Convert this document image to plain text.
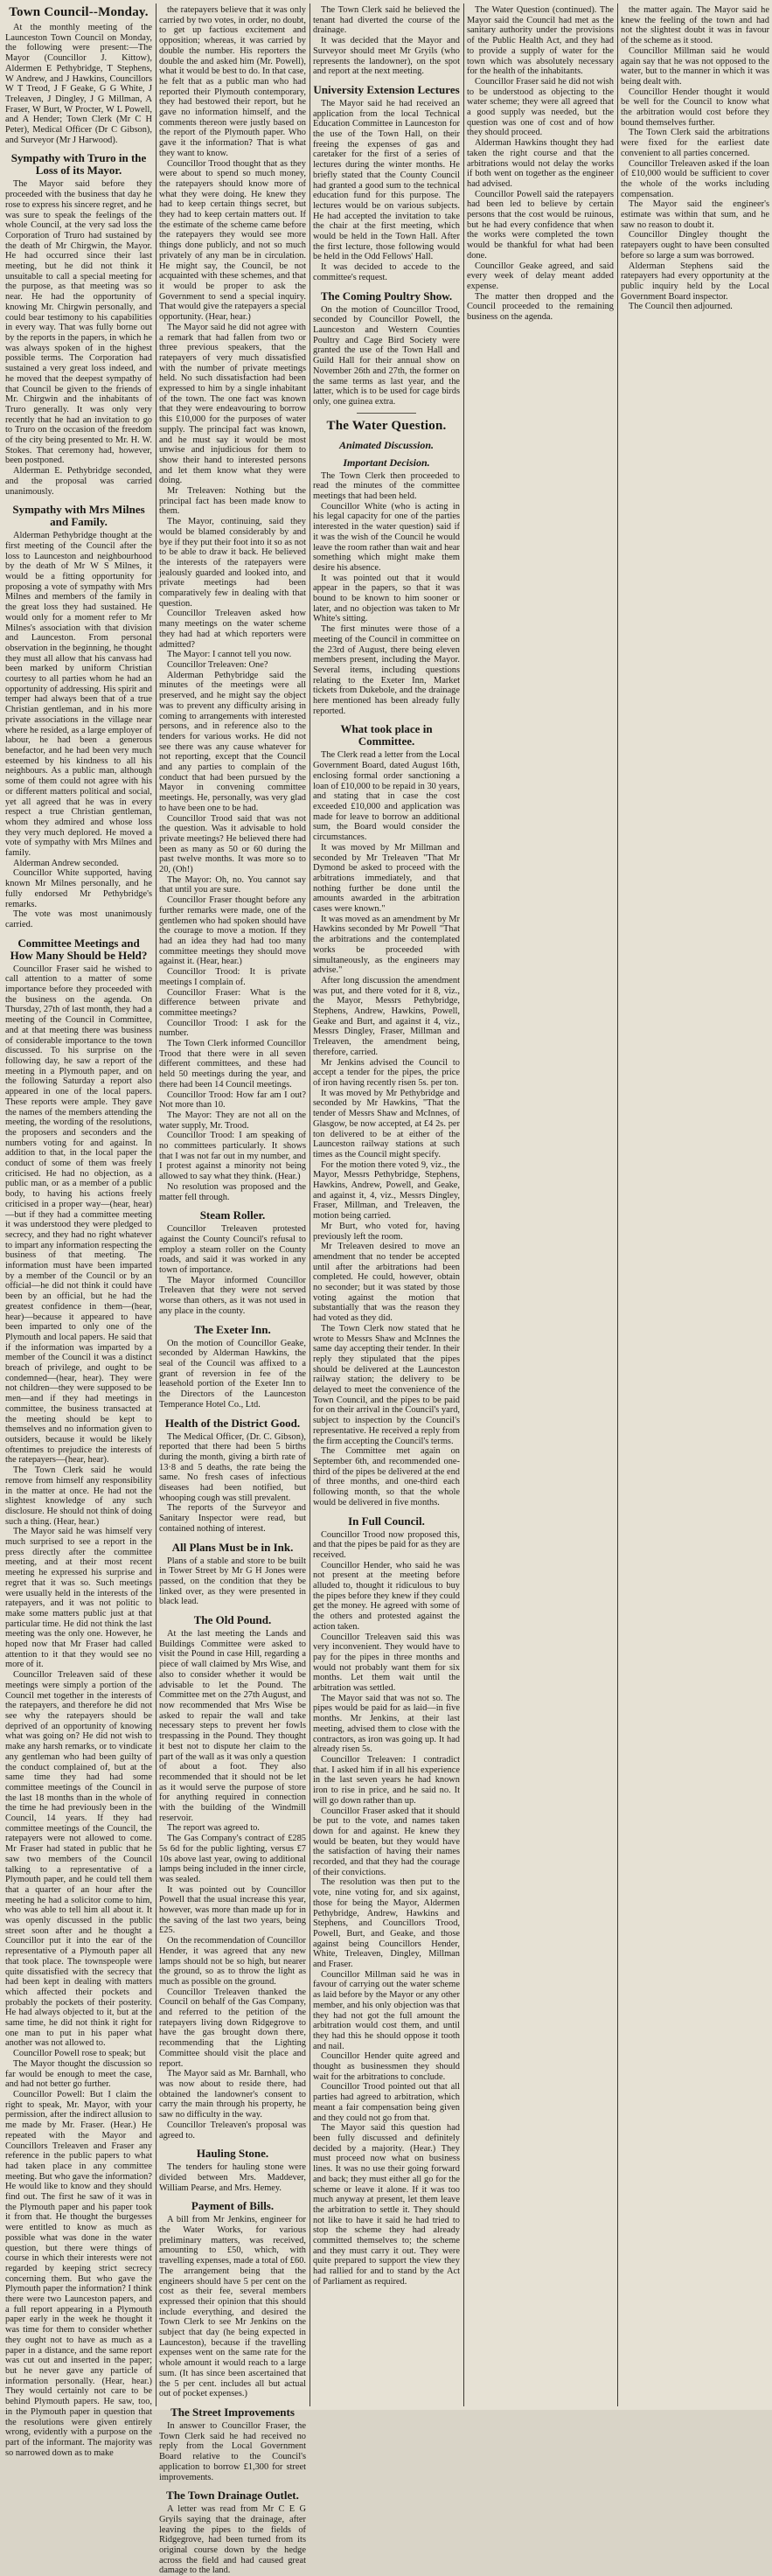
Town Council--Monday.

At the monthly meeting of the Launceston Town Council on Monday, the following were present:—The Mayor (Councillor J. Kittow), Aldermen E Pethybridge, T Stephens, W Andrew, and J Hawkins, Councillors W T Treod, J F Geake, G G White, J Treleaven, J Dingley, J G Millman, A Fraser, W Burt, W Procter, W L Powell, and A Hender; Town Clerk (Mr C H Peter), Medical Officer (Dr C Gibson), and Surveyor (Mr J Harwood).

Sympathy with Truro in the Loss of its Mayor.

The Mayor said before they proceeded with the business that day he rose to express his sincere regret, and he was sure to speak the feelings of the whole Council, at the very sad loss the Corporation of Truro had sustained by the death of Mr Chirgwin, the Mayor. He had occurred since their last meeting, but he did not think it unsuitable to call a special meeting for the purpose, as that meeting was so near. He had the opportunity of knowing Mr. Chirgwin personally, and could bear testimony to his capabilities in every way. That was fully borne out by the reports in the papers, in which he was always spoken of in the highest possible terms. The Corporation had sustained a very great loss indeed, and he moved that the deepest sympathy of that Council be given to the friends of Mr. Chirgwin and the inhabitants of Truro generally. It was only very recently that he had an invitation to go to Truro on the occasion of the freedom of the city being presented to Mr. H. W. Stokes. That ceremony had, however, been postponed.

Alderman E. Pethybridge seconded, and the proposal was carried unanimously.

Sympathy with Mrs Milnes and Family.

Alderman Pethybridge thought at the first meeting of the Council after the loss to Launceston and neighbourhood by the death of Mr W S Milnes, it would be a fitting opportunity for proposing a vote of sympathy with Mrs Milnes and members of the family in the great loss they had sustained. He would only for a moment refer to Mr Milnes's association with that division and Launceston. From personal observation in the beginning, he thought they must all allow that his canvass had been marked by uniform Christian courtesy to all parties whom he had an opportunity of addressing. His spirit and temper had always been that of a true Christian gentleman, and in his more private associations in the village near where he resided, as a large employer of labour, he had been a generous benefactor, and he had been very much esteemed by his kindness to all his neighbours. As a public man, although some of them could not agree with his or different matters political and social, yet all agreed that he was in every respect a true Christian gentleman, whom they admired and whose loss they very much deplored. He moved a vote of sympathy with Mrs Milnes and family.

Alderman Andrew seconded.

Councillor White supported, having known Mr Milnes personally, and he fully endorsed Mr Pethybridge's remarks.

The vote was most unanimously carried.

Committee Meetings and How Many Should be Held?

Councillor Fraser said he wished to call attention to a matter of some importance before they proceeded with the business on the agenda. On Thursday, 27th of last month, they had a meeting of the Council in Committee, and at that meeting there was business of considerable importance to the town discussed. To his surprise on the following day, he saw a report of the meeting in a Plymouth paper, and on the following Saturday a report also appeared in one of the local papers. These reports were ample. They gave the names of the members attending the meeting, the wording of the resolutions, the proposers and seconders and the numbers voting for and against. In addition to that, in the local paper the conduct of some of them was freely criticised. He had no objection, as a public man, or as a member of a public body, to having his actions freely criticised in a proper way—(hear, hear)—but if they had a committee meeting it was understood they were pledged to secrecy, and they had no right whatever to impart any information respecting the business of that meeting. The information must have been imparted by a member of the Council or by an official—he did not think it could have been by an official, but he had the greatest confidence in them—(hear, hear)—because it appeared to have been imparted to only one of the Plymouth and local papers. He said that if the information was imparted by a member of the Council it was a distinct breach of privilege, and ought to be condemned—(hear, hear). They were not children—they were supposed to be men—and if they had meetings in committee, the business transacted at the meeting should be kept to themselves and no information given to outsiders, because it would be likely oftentimes to prejudice the interests of the ratepayers—(hear, hear).

The Town Clerk said he would remove from himself any responsibility in the matter at once. He had not the slightest knowledge of any such disclosure. He should not think of doing such a thing. (Hear, hear.)

The Mayor said he was himself very much surprised to see a report in the press directly after the committee meeting, and at their most recent meeting he expressed his surprise and regret that it was so. Such meetings were usually held in the interests of the ratepayers, and it was not politic to make some matters public just at that particular time. He did not think the last meeting was the only one. However, he hoped now that Mr Fraser had called attention to it that they would see no more of it.

Councillor Treleaven said of these meetings were simply a portion of the Council met together in the interests of the ratepayers, and therefore he did not see why the ratepayers should be deprived of an opportunity of knowing what was going on? He did not wish to make any harsh remarks, or to vindicate any gentleman who had been guilty of the conduct complained of, but at the same time they had had some committee meetings of the Council in the last 18 months than in the whole of the time he had previously been in the Council, 14 years. If they had committee meetings of the Council, the ratepayers were not allowed to come. Mr Fraser had stated in public that he saw two members of the Council talking to a representative of a Plymouth paper, and he could tell them that a quarter of an hour after the meeting he had a solicitor come to him, who was able to tell him all about it. It was openly discussed in the public street soon after and he thought a Councillor put it into the ear of the representative of a Plymouth paper all that took place. The townspeople were quite dissatisfied with the secrecy that had been kept in dealing with matters which affected their pockets and probably the pockets of their posterity. He had always objected to it, but at the same time, he did not think it right for one man to put in his paper what another was not allowed to.

Councillor Powell rose to speak; but

The Mayor thought the discussion so far would be enough to meet the case, and had not better go further.

Councillor Powell: But I claim the right to speak, Mr. Mayor, with your permission, after the indirect allusion to me made by Mr. Fraser. (Hear.) He repeated with the Mayor and Councillors Treleaven and Fraser any reference in the public papers to what had taken place in any committee meeting. But who gave the information? He would like to know and they should find out. The first he saw of it was in the Plymouth paper and his paper took it from that. He thought the burgesses were entitled to know as much as possible what was done in the water question, but there were things of course in which their interests were not regarded by keeping strict secrecy concerning them. But who gave the Plymouth paper the information? I think there were two Launceston papers, and a full report appearing in a Plymouth paper early in the week he thought it was time for them to consider whether they ought not to have as much as a paper in a distance, and the same report was cut out and inserted in the paper; but he never gave any particle of information personally. (Hear, hear.) They would certainly not care to be behind Plymouth papers. He saw, too, in the Plymouth paper in question that the resolutions were given entirely wrong, evidently with a purpose on the part of the informant. The majority was so narrowed down as to make

the ratepayers believe that it was only carried by two votes, in order, no doubt, to get up factious excitement and opposition; whereas, it was carried by double the number. His reporters the double the and asked him (Mr. Powell), what it would be best to do. In that case, he felt that as a public man who had reported their Plymouth contemporary, they had bestowed their report, but he gave no information himself, and the comments thereon were justly based on the report of the Plymouth paper. Who gave it the information? That is what they want to know.

Councillor Trood thought that as they were about to spend so much money, the ratepayers should know more of what they were doing. He knew they had to keep certain things secret, but they had to keep certain matters out. If the estimate of the scheme came before the ratepayers they would see more things done publicly, and not so much privately of any man be in circulation. He might say, the Council, be not acquainted with these schemes, and that it would be proper to ask the Government to send a special inquiry. That would give the ratepayers a special opportunity. (Hear, hear.)

The Mayor said he did not agree with a remark that had fallen from two or three previous speakers, that the ratepayers of very much dissatisfied with the number of private meetings held. No such dissatisfaction had been expressed to him by a single inhabitant of the town. The one fact was known that they were endeavouring to borrow this £10,000 for the purposes of water supply. The principal fact was known, and he must say it would be most unwise and injudicious for them to show their hand to interested persons and let them know what they were doing.

Mr Treleaven: Nothing but the principal fact has been made know to them.

The Mayor, continuing, said they would be blamed considerably by and bye if they put their foot into it so as not to be able to draw it back. He believed the interests of the ratepayers were jealously guarded and looked into, and private meetings had been comparatively few in dealing with that question.

Councillor Treleaven asked how many meetings on the water scheme they had had at which reporters were admitted?

The Mayor: I cannot tell you now.

Councillor Treleaven: One?

Alderman Pethybridge said the minutes of the meetings were all preserved, and he might say the object was to prevent any difficulty arising in coming to arrangements with interested persons, and in reference also to the tenders for various works. He did not see there was any cause whatever for not reporting, except that the Council and any parties to complain of the conduct that had been pursued by the Mayor in convening committee meetings. He, personally, was very glad to have been one to be had.

Councillor Trood said that was not the question. Was it advisable to hold private meetings? He believed there had been as many as 50 or 60 during the past twelve months. It was more so to 20, (Oh!)

The Mayor: Oh, no. You cannot say that until you are sure.

Councillor Fraser thought before any further remarks were made, one of the gentlemen who had spoken should have the courage to move a motion. If they had an idea they had had too many committee meetings they should move against it. (Hear, hear.)

Councillor Trood: It is private meetings I complain of.

Councillor Fraser: What is the difference between private and committee meetings?

Councillor Trood: I ask for the number.

The Town Clerk informed Councillor Trood that there were in all seven different committees, and these had held 50 meetings during the year, and there had been 14 Council meetings.

Councillor Trood: How far am I out? Not more than 10.

The Mayor: They are not all on the water supply, Mr. Trood.

Councillor Trood: I am speaking of no committees particularly. It shows that I was not far out in my number, and I protest against a minority not being allowed to say what they think. (Hear.)

No resolution was proposed and the matter fell through.

Steam Roller.

Councillor Treleaven protested against the County Council's refusal to employ a steam roller on the County roads, and said it was worked in any town of importance.

The Mayor informed Councillor Treleaven that they were not served worse than others, as it was not used in any place in the county.

The Exeter Inn.

On the motion of Councillor Geake, seconded by Alderman Hawkins, the seal of the Council was affixed to a grant of reversion in fee of the leasehold portion of the Exeter Inn to the Directors of the Launceston Temperance Hotel Co., Ltd.

Health of the District Good.

The Medical Officer, (Dr. C. Gibson), reported that there had been 5 births during the month, giving a birth rate of 13·8 and 5 deaths, the rate being the same. No fresh cases of infectious diseases had been notified, but whooping cough was still prevalent.

The reports of the Surveyor and Sanitary Inspector were read, but contained nothing of interest.

All Plans Must be in Ink.

Plans of a stable and store to be built in Tower Street by Mr G H Jones were passed, on the condition that they be linked over, as they were presented in black lead.

The Old Pound.

At the last meeting the Lands and Buildings Committee were asked to visit the Pound in case Hill, regarding a piece of wall claimed by Mrs Wise, and also to consider whether it would be advisable to let the Pound. The Committee met on the 27th August, and now recommended that Mrs Wise be asked to repair the wall and take necessary steps to prevent her fowls trespassing in the Pound. They thought it best not to dispute her claim to the part of the wall as it was only a question of about a foot. They also recommended that it should not be let as it would serve the purpose of store for anything required in connection with the building of the Windmill reservoir.

The report was agreed to.

The Gas Company's contract of £285 5s 6d for the public lighting, versus £7 10s above last year, owing to additional lamps being included in the inner circle, was sealed.

It was pointed out by Councillor Powell that the usual increase this year, however, was more than made up for in the saving of the last two years, being £25.

On the recommendation of Councillor Hender, it was agreed that any new lamps should not be so high, but nearer the ground, so as to throw the light as much as possible on the ground.

Councillor Treleaven thanked the Council on behalf of the Gas Company, and referred to the petition of the ratepayers living down Ridgegrove to have the gas brought down there, recommending that the Lighting Committee should visit the place and report.

The Mayor said as Mr. Barnhall, who was now about to reside there, had obtained the landowner's consent to carry the main through his property, he saw no difficulty in the way.

Councillor Treleaven's proposal was agreed to.

Hauling Stone.

The tenders for hauling stone were divided between Mrs. Maddever, William Pearse, and Mrs. Hemey.

Payment of Bills.

A bill from Mr Jenkins, engineer for the Water Works, for various preliminary matters, was received, amounting to £50, which, with travelling expenses, made a total of £60. The arrangement being that the engineers should have 5 per cent on the cost as their fee, several members expressed their opinion that this should include everything, and desired the Town Clerk to see Mr Jenkins on the subject that day (he being expected in Launceston), because if the travelling expenses went on the same rate for the whole amount it would reach to a large sum. (It has since been ascertained that the 5 per cent. includes all but actual out of pocket expenses.)

The Street Improvements

In answer to Councillor Fraser, the Town Clerk said he had received no reply from the Local Government Board relative to the Council's application to borrow £1,300 for street improvements.

The Town Drainage Outlet.

A letter was read from Mr C E G Gryils saying that the drainage, after leaving the pipes to the fields of Ridgegrove, had been turned from its original course down by the hedge across the field and had caused great damage to the land.

The Town Clerk said he believed the tenant had diverted the course of the drainage.

It was decided that the Mayor and Surveyor should meet Mr Gryils (who represents the landowner), on the spot and report at the next meeting.

University Extension Lectures

The Mayor said he had received an application from the local Technical Education Committee in Launceston for the use of the Town Hall, on their freeing the expenses of gas and caretaker for the first of a series of lectures during the winter months. He briefly stated that the County Council had granted a good sum to the technical education fund for this purpose. The lectures would be on various subjects. He had accepted the invitation to take the chair at the first meeting, which would be held in the Town Hall. After the first lecture, those following would be held in the Odd Fellows' Hall.

It was decided to accede to the committee's request.

The Coming Poultry Show.

On the motion of Councillor Trood, seconded by Councillor Powell, the Launceston and Western Counties Poultry and Cage Bird Society were granted the use of the Town Hall and Guild Hall for their annual show on November 26th and 27th, the former on the same terms as last year, and the latter, which is to be used for cage birds only, one guinea extra.

The Water Question.
Animated Discussion.
Important Decision.

The Town Clerk then proceeded to read the minutes of the committee meetings that had been held.

Councillor White (who is acting in his legal capacity for one of the parties interested in the water question) said if it was the wish of the Council he would leave the room rather than wait and hear something which might make them desire his absence.

It was pointed out that it would appear in the papers, so that it was bound to be known to him sooner or later, and no objection was taken to Mr White's sitting.

The first minutes were those of a meeting of the Council in committee on the 23rd of August, there being eleven members present, including the Mayor. Several items, including questions relating to the Exeter Inn, Market tickets from Dukebole, and the drainage here mentioned has been already fully reported.

What took place in Committee.

The Clerk read a letter from the Local Government Board, dated August 16th, enclosing formal order sanctioning a loan of £10,000 to be repaid in 30 years, and stating that in case the cost exceeded £10,000 and application was made for leave to borrow an additional sum, the Board would consider the circumstances.

It was moved by Mr Millman and seconded by Mr Treleaven "That Mr Dymond be asked to proceed with the arbitrations immediately, and that nothing further be done until the amounts awarded in the arbitration cases were known."

It was moved as an amendment by Mr Hawkins seconded by Mr Powell "That the arbitrations and the contemplated works be proceeded with simultaneously, as the engineers may advise."

After long discussion the amendment was put, and there voted for it 8, viz., the Mayor, Messrs Pethybridge, Stephens, Andrew, Hawkins, Powell, Geake and Burt, and against it 4, viz., Messrs Dingley, Fraser, Millman and Treleaven, the amendment being, therefore, carried.

Mr Jenkins advised the Council to accept a tender for the pipes, the price of iron having recently risen 5s. per ton.

It was moved by Mr Pethybridge and seconded by Mr Hawkins, "That the tender of Messrs Shaw and McInnes, of Glasgow, be now accepted, at £4 2s. per ton delivered to be at either of the Launceston railway stations at such times as the Council might specify.

For the motion there voted 9, viz., the Mayor, Messrs Pethybridge, Stephens, Hawkins, Andrew, Powell, and Geake, and against it, 4, viz., Messrs Dingley, Fraser, Millman, and Treleaven, the motion being carried.

Mr Burt, who voted for, having previously left the room.

Mr Treleaven desired to move an amendment that no tender be accepted until after the arbitrations had been completed. He could, however, obtain no seconder; but it was stated by those voting against the motion that substantially that was the reason they had voted as they did.

The Town Clerk now stated that he wrote to Messrs Shaw and McInnes the same day accepting their tender. In their reply they stipulated that the pipes should be delivered at the Launceston railway station; the delivery to be delayed to meet the convenience of the Town Council, and the pipes to be paid for on their arrival in the Council's yard, subject to inspection by the Council's representative. He received a reply from the firm accepting the Council's terms.

The Committee met again on September 6th, and recommended one-third of the pipes be delivered at the end of three months, and one-third each following month, so that the whole would be delivered in five months.

In Full Council.

Councillor Trood now proposed this, and that the pipes be paid for as they are received.

Councillor Hender, who said he was not present at the meeting before alluded to, thought it ridiculous to buy the pipes before they knew if they could get the money. He agreed with some of the others and protested against the action taken.

Councillor Treleaven said this was very inconvenient. They would have to pay for the pipes in three months and would not probably want them for six months. Let them wait until the arbitration was settled.

The Mayor said that was not so. The pipes would be paid for as laid—in five months. Mr Jenkins, at their last meeting, advised them to close with the contractors, as iron was going up. It had already risen 5s.

Councillor Treleaven: I contradict that. I asked him if in all his experience in the last seven years he had known iron to rise in price, and he said no. It will go down rather than up.

Councillor Fraser asked that it should be put to the vote, and names taken down for and against. He knew they would be beaten, but they would have the satisfaction of having their names recorded, and that they had the courage of their convictions.

The resolution was then put to the vote, nine voting for, and six against, those for being the Mayor, Aldermen Pethybridge, Andrew, Hawkins and Stephens, and Councillors Trood, Powell, Burt, and Geake, and those against being Councillors Hender, White, Treleaven, Dingley, Millman and Fraser.

Councillor Millman said he was in favour of carrying out the water scheme as laid before by the Mayor or any other member, and his only objection was that they had not got the full amount the arbitration would cost them, and until they had this he should oppose it tooth and nail.

Councillor Hender quite agreed and thought as businessmen they should wait for the arbitrations to conclude.

Councillor Trood pointed out that all parties had agreed to arbitration, which meant a fair compensation being given and they could not go from that.

The Mayor said this question had been fully discussed and definitely decided by a majority. (Hear.) They must proceed now what on business lines. It was no use their going forward and back; they must either all go for the scheme or leave it alone. If it was too much anyway at present, let them leave the arbitration to settle it. They should not like to have it said he had tried to stop the scheme they had already committed themselves to; the scheme and they must carry it out. They were quite prepared to support the view they had rallied for and to stand by the Act of Parliament as required.

The Water Question (continued). The Mayor said the Council had met as the sanitary authority under the provisions of the Public Health Act, and they had to provide a supply of water for the town which was absolutely necessary for the health of the inhabitants.

Councillor Fraser said he did not wish to be understood as objecting to the water scheme; they were all agreed that a good supply was needed, but the question was one of cost and of how they should proceed.

Alderman Hawkins thought they had taken the right course and that the arbitrations would not delay the works if both went on together as the engineer had advised.

Councillor Powell said the ratepayers had been led to believe by certain persons that the cost would be ruinous, but he had every confidence that when the works were completed the town would be thankful for what had been done.

Councillor Geake agreed, and said every week of delay meant added expense.

The matter then dropped and the Council proceeded to the remaining business on the agenda.

the matter again. The Mayor said he knew the feeling of the town and had not the slightest doubt it was in favour of the scheme as it stood.

Councillor Millman said he would again say that he was not opposed to the water, but to the manner in which it was being dealt with.

Councillor Hender thought it would be well for the Council to know what the arbitration would cost before they bound themselves further.

The Town Clerk said the arbitrations were fixed for the earliest date convenient to all parties concerned.

Councillor Treleaven asked if the loan of £10,000 would be sufficient to cover the whole of the works including compensation.

The Mayor said the engineer's estimate was within that sum, and he saw no reason to doubt it.

Councillor Dingley thought the ratepayers ought to have been consulted before so large a sum was borrowed.

Alderman Stephens said the ratepayers had every opportunity at the public inquiry held by the Local Government Board inspector.

The Council then adjourned.
